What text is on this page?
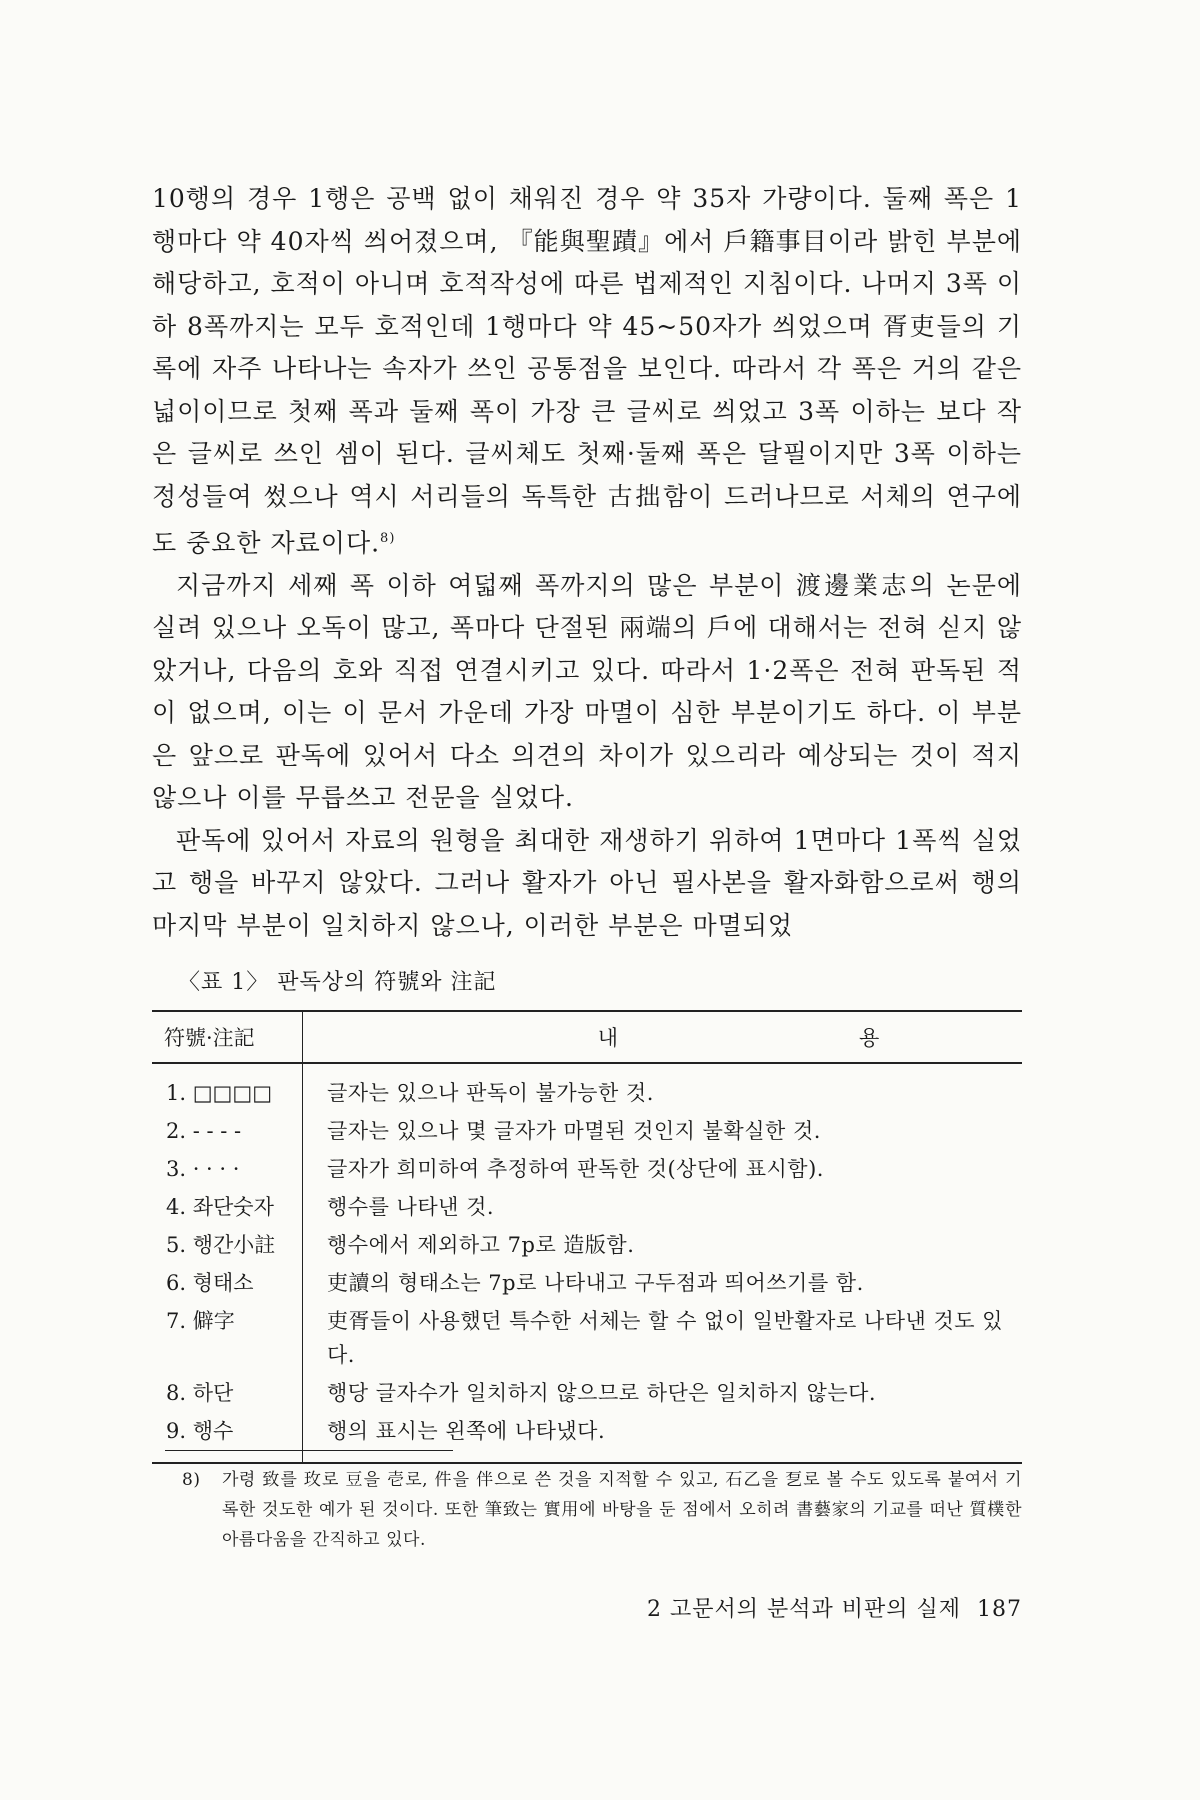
10행의 경우 1행은 공백 없이 채워진 경우 약 35자 가량이다. 둘째 폭은 1행마다 약 40자씩 씌어졌으며, 『能與聖蹟』에서 戶籍事目이라 밝힌 부분에 해당하고, 호적이 아니며 호적작성에 따른 법제적인 지침이다. 나머지 3폭 이하 8폭까지는 모두 호적인데 1행마다 약 45~50자가 씌었으며 胥吏들의 기록에 자주 나타나는 속자가 쓰인 공통점을 보인다. 따라서 각 폭은 거의 같은 넓이이므로 첫째 폭과 둘째 폭이 가장 큰 글씨로 씌었고 3폭 이하는 보다 작은 글씨로 쓰인 셈이 된다. 글씨체도 첫째·둘째 폭은 달필이지만 3폭 이하는 정성들여 썼으나 역시 서리들의 독특한 古拙함이 드러나므로 서체의 연구에도 중요한 자료이다.$^{8)}$

지금까지 세째 폭 이하 여덟째 폭까지의 많은 부분이 渡邊業志의 논문에 실려 있으나 오독이 많고, 폭마다 단절된 兩端의 戶에 대해서는 전혀 싣지 않았거나, 다음의 호와 직접 연결시키고 있다. 따라서 1·2폭은 전혀 판독된 적이 없으며, 이는 이 문서 가운데 가장 마멸이 심한 부분이기도 하다. 이 부분은 앞으로 판독에 있어서 다소 의견의 차이가 있으리라 예상되는 것이 적지 않으나 이를 무릅쓰고 전문을 실었다.

판독에 있어서 자료의 원형을 최대한 재생하기 위하여 1면마다 1폭씩 실었고 행을 바꾸지 않았다. 그러나 활자가 아닌 필사본을 활자화함으로써 행의 마지막 부분이 일치하지 않으나, 이러한 부분은 마멸되었

〈표 1〉 판독상의 符號와 注記
符號·注記	내 용
1. □□□□	글자는 있으나 판독이 불가능한 것.
2. - - - -	글자는 있으나 몇 글자가 마멸된 것인지 불확실한 것.
3. · · · ·	글자가 희미하여 추정하여 판독한 것(상단에 표시함).
4. 좌단숫자	행수를 나타낸 것.
5. 행간小註	행수에서 제외하고 7p로 造版함.
6. 형태소	吏讀의 형태소는 7p로 나타내고 구두점과 띄어쓰기를 함.
7. 僻字	吏胥들이 사용했던 특수한 서체는 할 수 없이 일반활자로 나타낸 것도 있다.
8. 하단	행당 글자수가 일치하지 않으므로 하단은 일치하지 않는다.
9. 행수	행의 표시는 왼쪽에 나타냈다.
8) 가령 致를 玫로 豆을 壱로, 件을 伴으로 쓴 것을 지적할 수 있고, 石乙을 乭로 볼 수도 있도록 붙여서 기록한 것도한 예가 된 것이다. 또한 筆致는 實用에 바탕을 둔 점에서 오히려 書藝家의 기교를 떠난 質樸한 아름다움을 간직하고 있다.
2 고문서의 분석과 비판의 실제 187
